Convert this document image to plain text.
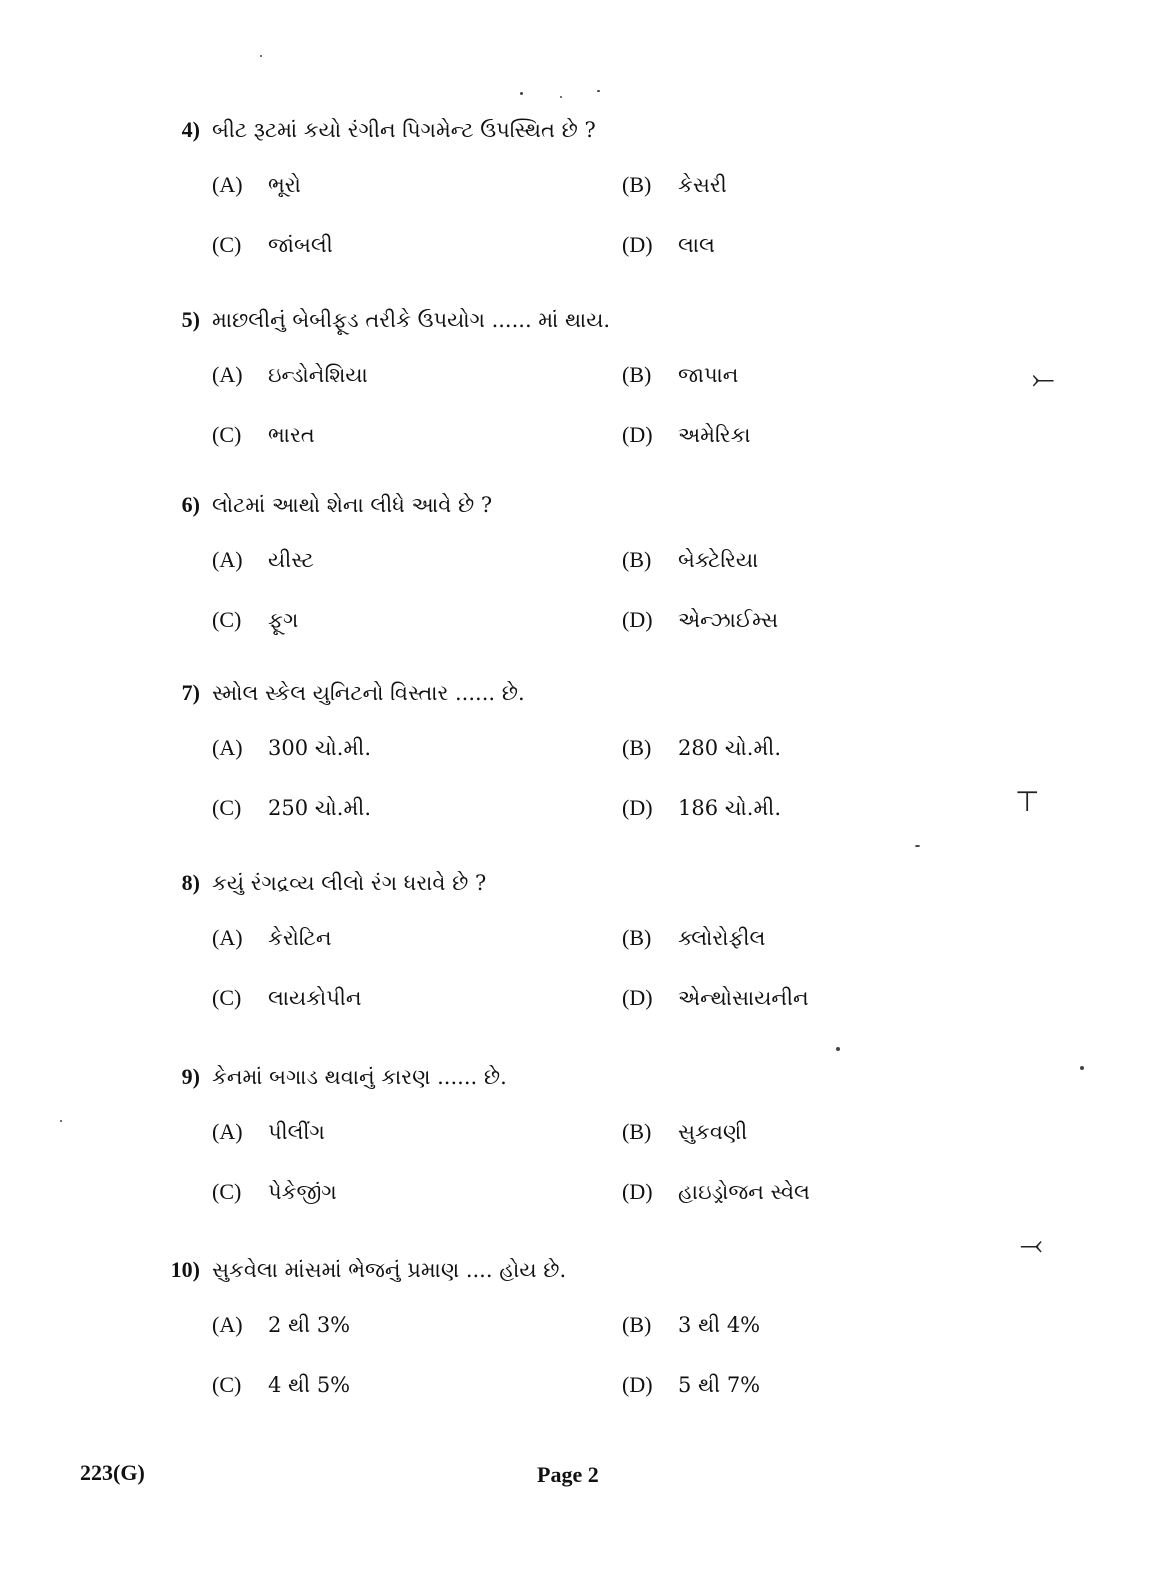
4) બીટ રૂટમાં કયો રંગીન પિગમેન્ટ ઉપસ્થિત છે ?
(A)	ભૂરો	(B)	કેસરી
(C)	જાંબલી	(D)	લાલ
5) માછલીનું બેબીફૂડ તરીકે ઉપયોગ ...... માં થાય.
(A)	ઇન્ડોનેશિયા	(B)	જાપાન
(C)	ભારત	(D)	અમેરિકા
6) લોટમાં આથો શેના લીધે આવે છે ?
(A)	યીસ્ટ	(B)	બેક્ટેરિયા
(C)	ફૂગ	(D)	એન્ઝાઈમ્સ
7) સ્મોલ સ્કેલ યુનિટનો વિસ્તાર ...... છે.
(A)	300 ચો.મી.	(B)	280 ચો.મી.
(C)	250 ચો.મી.	(D)	186 ચો.મી.
8) કયું રંગદ્રવ્ય લીલો રંગ ધરાવે છે ?
(A)	કેરોટિન	(B)	ક્લોરોફીલ
(C)	લાયકોપીન	(D)	એન્થોસાયનીન
9) કેનમાં બગાડ થવાનું કારણ ...... છે.
(A)	પીલીંગ	(B)	સુકવણી
(C)	પેકેજીંગ	(D)	હાઇડ્રોજન સ્વેલ
10) સુકવેલા માંસમાં ભેજનું પ્રમાણ .... હોય છે.
(A)	2 થી 3%	(B)	3 થી 4%
(C)	4 થી 5%	(D)	5 થી 7%
223(G)	Page 2
⤚
⊤
⤙
